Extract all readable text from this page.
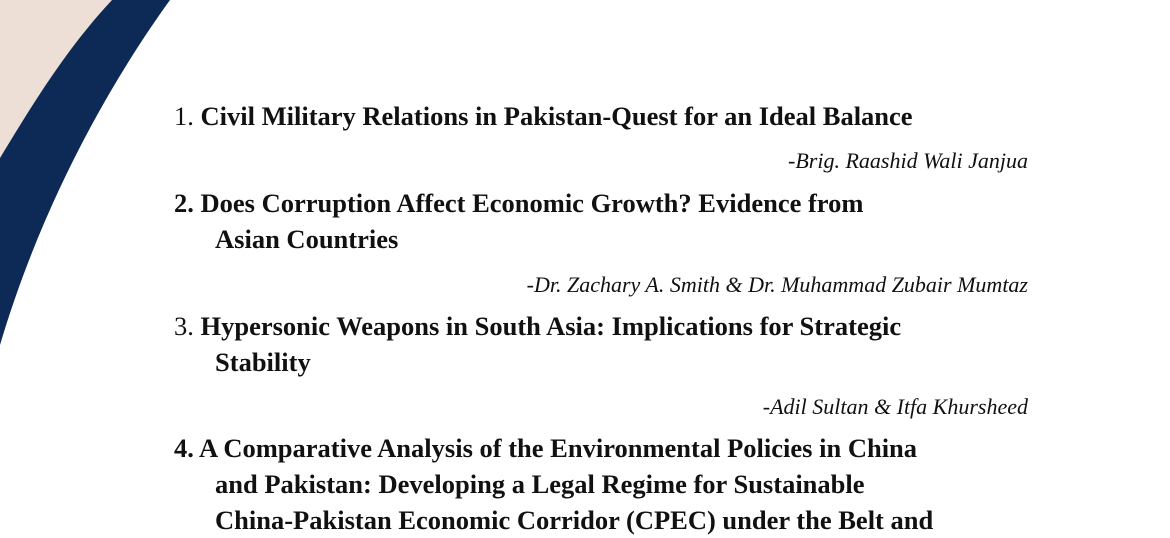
1. Civil Military Relations in Pakistan-Quest for an Ideal Balance
-Brig. Raashid Wali Janjua
2. Does Corruption Affect Economic Growth? Evidence from
Asian Countries
-Dr. Zachary A. Smith & Dr. Muhammad Zubair Mumtaz
3. Hypersonic Weapons in South Asia: Implications for Strategic
Stability
-Adil Sultan & Itfa Khursheed
4. A Comparative Analysis of the Environmental Policies in China
and Pakistan: Developing a Legal Regime for Sustainable
China-Pakistan Economic Corridor (CPEC) under the Belt and
